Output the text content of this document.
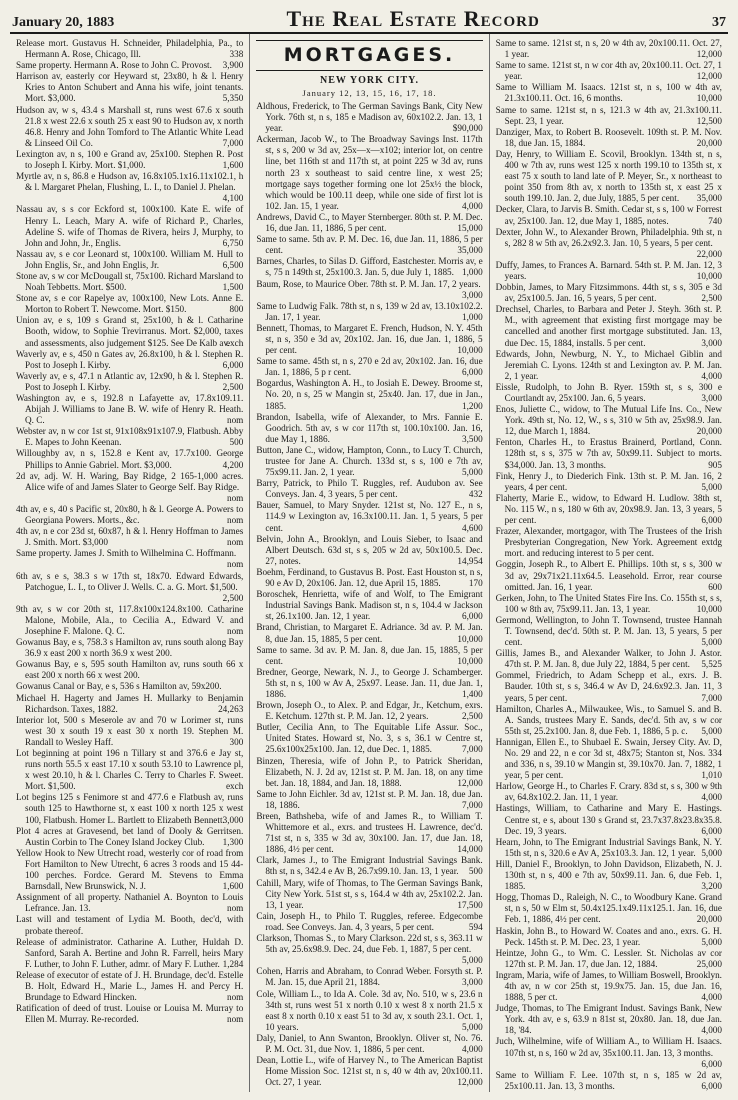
January 20, 1883	The Real Estate Record	37

Release mort. Gustavus H. Schneider, Philadelphia, Pa., to Hermann A. Rose, Chicago, Ill.	338

Same property. Hermann A. Rose to John C. Provost. 3,900

Harrison av, easterly cor Heyward st, 23x80, h & l. Henry Kries to Anton Schubert and Anna his wife, joint tenants. Mort. $3,000.	5,350

Hudson av, w s, 43.4 s Marshall st, runs west 67.6 x south 21.8 x west 22.6 x south 25 x east 90 to Hudson av, x north 46.8. Henry and John Tomford to The Atlantic White Lead & Linseed Oil Co.	7,000

Lexington av, n s, 100 e Grand av, 25x100. Stephen R. Post to Joseph I. Kirby. Mort. $1,000.	1,600

Myrtle av, n s, 86.8 e Hudson av, 16.8x105.1x16.11x102.1, h & l. Margaret Phelan, Flushing, L. I., to Daniel J. Phelan.
4,100

Nassau av, s s cor Eckford st, 100x100. Kate E. wife of Henry L. Leach, Mary A. wife of Richard P., Charles, Adeline S. wife of Thomas de Rivera, heirs J, Murphy, to John and John, Jr., Englis.	6,750

Nassau av, s e cor Leonard st, 100x100. William M. Hull to John Englis, Sr., and John Englis, Jr.	6,500

Stone av, s w cor McDougall st, 75x100. Richard Marsland to Noah Tebbetts. Mort. $500.	1,500

Stone av, s e cor Rapelye av, 100x100, New Lots. Anne E. Morton to Robert T. Newcome. Mort. $150.	800

Union av, e s, 109 s Grand st, 25x100, h & l. Catharine Booth, widow, to Sophie Trevirranus. Mort. $2,000, taxes and assessments, also judgement $125. See De Kalb av.
exch

Waverly av, e s, 450 n Gates av, 26.8x100, h & l. Stephen R. Post to Joseph I. Kirby.	6,000

Waverly av, e s, 47.1 n Atlantic av, 12x90, h & l. Stephen R. Post to Joseph I. Kirby.	2,500

Washington av, e s, 192.8 n Lafayette av, 17.8x109.11. Abijah J. Williams to Jane B. W. wife of Henry R. Heath. Q. C.	nom

Webster av, n w cor 1st st, 91x108x91x107.9, Flatbush. Abby E. Mapes to John Keenan.	500

Willoughby av, n s, 152.8 e Kent av, 17.7x100. George Phillips to Annie Gabriel. Mort. $3,000.	4,200

2d av, adj. W. H. Waring, Bay Ridge, 2 165-1,000 acres. Alice wife of and James Slater to George Self. Bay Ridge.
nom

4th av, e s, 40 s Pacific st, 20x80, h & l. George A. Powers to Georgiana Powers. Morts., &c.	nom

4th av, n e cor 23d st, 60x87, h & l. Henry Hoffman to James J. Smith. Mort. $3,000	nom

Same property. James J. Smith to Wilhelmina C. Hoffmann.
nom

6th av, s e s, 38.3 s w 17th st, 18x70. Edward Edwards, Patchogue, L. I., to Oliver J. Wells. C. a. G. Mort. $1,500.
2,500

9th av, s w cor 20th st, 117.8x100x124.8x100. Catharine Malone, Mobile, Ala., to Cecilia A., Edward V. and Josephine F. Malone. Q. C.	nom

Gowanus Bay, e s, 758.3 s Hamilton av, runs south along Bay 36.9 x east 200 x north 36.9 x west 200.

Gowanus Bay, e s, 595 south Hamilton av, runs south 66 x east 200 x north 66 x west 200.

Gowanus Canal or Bay, e s, 536 s Hamilton av, 59x200.

Michael H. Hagerty and James H. Mullarky to Benjamin Richardson. Taxes, 1882.	24,263

Interior lot, 500 s Meserole av and 70 w Lorimer st, runs west 30 x south 19 x east 30 x north 19. Stephen M. Randall to Wesley Haff.	300

Lot beginning at point 196 n Tillary st and 376.6 e Jay st, runs north 55.5 x east 17.10 x south 53.10 to Lawrence pl, x west 20.10, h & l. Charles C. Terry to Charles F. Sweet. Mort. $1,500.	exch

Lot begins 125 s Fenimore st and 477.6 e Flatbush av, runs south 125 to Hawthorne st, x east 100 x north 125 x west 100, Flatbush. Homer L. Bartlett to Elizabeth Bennett.
3,000

Plot 4 acres at Gravesend, bet land of Dooly & Gerritsen. Austin Corbin to The Coney Island Jockey Club. 1,300

Yellow Hook to New Utrecht road, westerly cor of road from Fort Hamilton to New Utrecht, 6 acres 3 roods and 15 44-100 perches. Fordce. Gerard M. Stevens to Emma Barnsdall, New Brunswick, N. J.	1,600

Assignment of all property. Nathaniel A. Boynton to Louis Lefrance. Jan. 13.	nom

Last will and testament of Lydia M. Booth, dec'd, with probate thereof.

Release of administrator. Catharine A. Luther, Huldah D. Sanford, Sarah A. Bertine and John R. Farrell, heirs Mary F. Luther, to John F. Luther, admr. of Mary F. Luther. 1,284

Release of executor of estate of J. H. Brundage, dec'd. Estelle B. Holt, Edward H., Marie L., James H. and Percy H. Brundage to Edward Hincken.	nom

Ratification of deed of trust. Louise or Louisa M. Murray to Ellen M. Murray. Re-recorded.	nom

MORTGAGES.
NEW YORK CITY.
January 12, 13, 15, 16, 17, 18.

Aldhous, Frederick, to The German Savings Bank, City New York. 76th st, n s, 185 e Madison av, 60x102.2. Jan. 13, 1 year.	$90,000

Ackerman, Jacob W., to The Broadway Savings Inst. 117th st, s s, 200 w 3d av, 25x—x—x102; interior lot, on centre line, bet 116th st and 117th st, at point 225 w 3d av, runs north 23 x southeast to said centre line, x west 25; mortgage says together forming one lot 25x½ the block, which would be 100.11 deep, while one side of first lot is 102. Jan. 15, 1 year.	4,000

Andrews, David C., to Mayer Sternberger. 80th st. P. M. Dec. 16, due Jan. 11, 1886, 5 per cent.	15,000

Same to same. 5th av. P. M. Dec. 16, due Jan. 11, 1886, 5 per cent.	35,000

Barnes, Charles, to Silas D. Gifford, Eastchester. Morris av, e s, 75 n 149th st, 25x100.3. Jan. 5, due July 1, 1885. 1,000

Baum, Rose, to Maurice Ober. 78th st. P. M. Jan. 17, 2 years.
3,000

Same to Ludwig Falk. 78th st, n s, 139 w 2d av, 13.10x102.2. Jan. 17, 1 year.	1,000

Bennett, Thomas, to Margaret E. French, Hudson, N. Y. 45th st, n s, 350 e 3d av, 20x102. Jan. 16, due Jan. 1, 1886, 5 per cent.	10,000

Same to same. 45th st, n s, 270 e 2d av, 20x102. Jan. 16, due Jan. 1, 1886, 5 p r cent.	6,000

Bogardus, Washington A. H., to Josiah E. Dewey. Broome st, No. 20, n s, 25 w Mangin st, 25x40. Jan. 17, due in Jan., 1885.	1,200

Brandon, Isabella, wife of Alexander, to Mrs. Fannie E. Goodrich. 5th av, s w cor 117th st, 100.10x100. Jan. 16, due May 1, 1886.	3,500

Button, Jane C., widow, Hampton, Conn., to Lucy T. Church, trustee for Jane A. Church. 133d st, s s, 100 e 7th av, 75x99.11. Jan. 2, 1 year.	5,000

Barry, Patrick, to Philo T. Ruggles, ref. Audubon av. See Conveys. Jan. 4, 3 years, 5 per cent.	432

Bauer, Samuel, to Mary Snyder. 121st st, No. 127 E., n s, 114.9 w Lexington av, 16.3x100.11. Jan. 1, 5 years, 5 per cent.	4,600

Belvin, John A., Brooklyn, and Louis Sieber, to Isaac and Albert Deutsch. 63d st, s s, 205 w 2d av, 50x100.5. Dec. 27, notes.	14,954

Boehm, Ferdinand, to Gustavus B. Post. East Houston st, n s, 90 e Av D, 20x106. Jan. 12, due April 15, 1885.	170

Boroschek, Henrietta, wife of and Wolf, to The Emigrant Industrial Savings Bank. Madison st, n s, 104.4 w Jackson st, 26.1x100. Jan. 12, 1 year.	6,000

Brand, Christian, to Margaret E. Adriance. 3d av. P. M. Jan. 8, due Jan. 15, 1885, 5 per cent.	10,000

Same to same. 3d av. P. M. Jan. 8, due Jan. 15, 1885, 5 per cent.	10,000

Bredner, George, Newark, N. J., to George J. Schamberger. 5th st, n s, 100 w Av A, 25x97. Lease. Jan. 11, due Jan. 1, 1886.	1,400

Brown, Joseph O., to Alex. P. and Edgar, Jr., Ketchum, exrs. E. Ketchum. 127th st. P. M. Jan. 12, 2 years.	2,500

Butler, Cecilia Ann, to The Equitable Life Assur. Soc., United States. Howard st, No. 3, s s, 36.1 w Centre st, 25.6x100x25x100. Jan. 12, due Dec. 1, 1885.	7,000

Binzen, Theresia, wife of John P., to Patrick Sheridan, Elizabeth, N. J. 2d av, 121st st. P. M. Jan. 18, on any time bet. Jan. 18, 1884, and Jan. 18, 1888.	12,000

Same to John Eichler. 3d av, 121st st. P. M. Jan. 18, due Jan. 18, 1886.	7,000

Breen, Bathsheba, wife of and James R., to William T. Whittemore et al., exrs. and trustees H. Lawrence, dec'd. 71st st, n s, 335 w 3d av, 30x100. Jan. 17, due Jan. 18, 1886, 4½ per cent.	14,000

Clark, James J., to The Emigrant Industrial Savings Bank. 8th st, n s, 342.4 e Av B, 26.7x99.10. Jan. 13, 1 year. 500

Cahill, Mary, wife of Thomas, to The German Savings Bank, City New York. 51st st, s s, 164.4 w 4th av, 25x102.2. Jan. 13, 1 year.	17,500

Cain, Joseph H., to Philo T. Ruggles, referee. Edgecombe road. See Conveys. Jan. 4, 3 years, 5 per cent.	594

Clarkson, Thomas S., to Mary Clarkson. 22d st, s s, 363.11 w 5th av, 25.6x98.9. Dec. 24, due Feb. 1, 1887, 5 per cent.
5,000

Cohen, Harris and Abraham, to Conrad Weber. Forsyth st. P. M. Jan. 15, due April 21, 1884.	3,000

Cole, William L., to Ida A. Cole. 3d av, No. 510, w s, 23.6 n 34th st, runs west 51 x north 0.10 x west 8 x north 21.5 x east 8 x north 0.10 x east 51 to 3d av, x south 23.1. Oct. 1, 10 years.	5,000

Daly, Daniel, to Ann Swanton, Brooklyn. Oliver st, No. 76. P. M. Oct. 31, due Nov. 1, 1886, 5 per cent.	4,000

Dean, Lottie L., wife of Harvey N., to The American Baptist Home Mission Soc. 121st st, n s, 40 w 4th av, 20x100.11. Oct. 27, 1 year.	12,000

Same to same. 121st st, n s, 20 w 4th av, 20x100.11. Oct. 27, 1 year.	12,000

Same to same. 121st st, n w cor 4th av, 20x100.11. Oct. 27, 1 year.	12,000

Same to William M. Isaacs. 121st st, n s, 100 w 4th av, 21.3x100.11. Oct. 16, 6 months.	10,000

Same to same. 121st st, n s, 121.3 w 4th av, 21.3x100.11. Sept. 23, 1 year.	12,500

Danziger, Max, to Robert B. Roosevelt. 109th st. P. M. Nov. 18, due Jan. 15, 1884.	20,000

Day, Henry, to William E. Scovil, Brooklyn. 134th st, n s, 400 w 7th av, runs west 125 x north 199.10 to 135th st, x east 75 x south to land late of P. Meyer, Sr., x northeast to point 350 from 8th av, x north to 135th st, x east 25 x south 199.10. Jan. 2, due July, 1885, 5 per cent. 35,000

Decker, Clara, to Jarvis B. Smith. Cedar st, s s, 100 w Forrest av, 25x100. Jan. 12, due May 1, 1885, notes.	740

Dexter, John W., to Alexander Brown, Philadelphia. 9th st, n s, 282 8 w 5th av, 26.2x92.3. Jan. 10, 5 years, 5 per cent.
22,000

Duffy, James, to Frances A. Barnard. 54th st. P. M. Jan. 12, 3 years.	10,000

Dobbin, James, to Mary Fitzsimmons. 44th st, s s, 305 e 3d av, 25x100.5. Jan. 16, 5 years, 5 per cent.	2,500

Drechsel, Charles, to Barbara and Peter J. Steyh. 36th st. P. M., with agreement that existing first mortgage may be cancelled and another first mortgage substituted. Jan. 13, due Dec. 15, 1884, installs. 5 per cent.	3,000

Edwards, John, Newburg, N. Y., to Michael Giblin and Jeremiah C. Lyons. 124th st and Lexington av. P. M. Jan. 2, 1 year.	4,000

Eissle, Rudolph, to John B. Ryer. 159th st, s s, 300 e Courtlandt av, 25x100. Jan. 6, 5 years.	3,000

Enos, Juliette C., widow, to The Mutual Life Ins. Co., New York. 49th st, No. 12, W., s s, 310 w 5th av, 25x98.9. Jan. 12, due March 1, 1884.	20,000

Fenton, Charles H., to Erastus Brainerd, Portland, Conn. 128th st, s s, 375 w 7th av, 50x99.11. Subject to morts. $34,000. Jan. 13, 3 months.	905

Fink, Henry J., to Diederich Fink. 13th st. P. M. Jan. 16, 2 years, 4 per cent.	5,000

Flaherty, Marie E., widow, to Edward H. Ludlow. 38th st, No. 115 W., n s, 180 w 6th av, 20x98.9. Jan. 13, 3 years, 5 per cent.	6,000

Frazer, Alexander, mortgagor, with The Trustees of the Irish Presbyterian Congregation, New York. Agreement extdg mort. and reducing interest to 5 per cent.

Goggin, Joseph R., to Albert E. Phillips. 10th st, s s, 300 w 3d av, 29x71x21.11x64.5. Leasehold. Error, rear course omitted. Jan. 16, 1 year.	600

Gerken, John, to The United States Fire Ins. Co. 155th st, s s, 100 w 8th av, 75x99.11. Jan. 13, 1 year.	10,000

Germond, Wellington, to John T. Townsend, trustee Hannah T. Townsend, dec'd. 50th st. P. M. Jan. 13, 5 years, 5 per cent.	5,000

Gillis, James B., and Alexander Walker, to John J. Astor. 47th st. P. M. Jan. 8, due July 22, 1884, 5 per cent. 5,525

Gommel, Friedrich, to Adam Schepp et al., exrs. J. B. Bauder. 10th st, s s, 346.4 w Av D, 24.6x92.3. Jan. 11, 3 years, 5 per cent.	7,000

Hamilton, Charles A., Milwaukee, Wis., to Samuel S. and B. A. Sands, trustees Mary E. Sands, dec'd. 5th av, s w cor 55th st, 25.2x100. Jan. 8, due Feb. 1, 1886, 5 p. c. 5,000

Hannigan, Ellen E., to Shubael E. Swain, Jersey City. Av. D, No. 29 and 22, n e cor 3d st, 48x75; Stanton st, Nos. 334 and 336, n s, 39.10 w Mangin st, 39.10x70. Jan. 7, 1882, 1 year, 5 per cent.	1,010

Harlow, George H., to Charles F. Crary. 83d st, s s, 300 w 9th av, 64.8x102.2. Jan. 11, 1 year.	4,000

Hastings, William, to Catharine and Mary E. Hastings. Centre st, e s, about 130 s Grand st, 23.7x37.8x23.8x35.8. Dec. 19, 3 years.	6,000

Hearn, John, to The Emigrant Industrial Savings Bank, N. Y. 15th st, n s, 320.6 e Av A, 25x103.3. Jan. 12, 1 year. 5,000

Hill, Daniel F., Brooklyn, to John Davidson, Elizabeth, N. J. 130th st, n s, 400 e 7th av, 50x99.11. Jan. 6, due Feb. 1, 1885.	3,200

Hogg, Thomas D., Raleigh, N. C., to Woodbury Kane. Grand st, n s, 50 w Elm st, 50.4x125.1x49.11x125.1. Jan. 16, due Feb. 1, 1886, 4½ per cent.	20,000

Haskin, John B., to Howard W. Coates and ano., exrs. G. H. Peck. 145th st. P. M. Dec. 23, 1 year.	5,000

Heintze, John G., to Wm. C. Lessler. St. Nicholas av cor 127th st. P. M. Jan. 17, due Jan. 12, 1884.	25,000

Ingram, Maria, wife of James, to William Boswell, Brooklyn. 4th av, n w cor 25th st, 19.9x75. Jan. 15, due Jan. 16, 1888, 5 per ct.	4,000

Judge, Thomas, to The Emigrant Indust. Savings Bank, New York. 4th av, e s, 63.9 n 81st st, 20x80. Jan. 18, due Jan. 18, '84.	4,000

Juch, Wilhelmine, wife of William A., to William H. Isaacs. 107th st, n s, 160 w 2d av, 35x100.11. Jan. 13, 3 months.
6,000

Same to William F. Lee. 107th st, n s, 185 w 2d av, 25x100.11. Jan. 13, 3 months.	6,000
